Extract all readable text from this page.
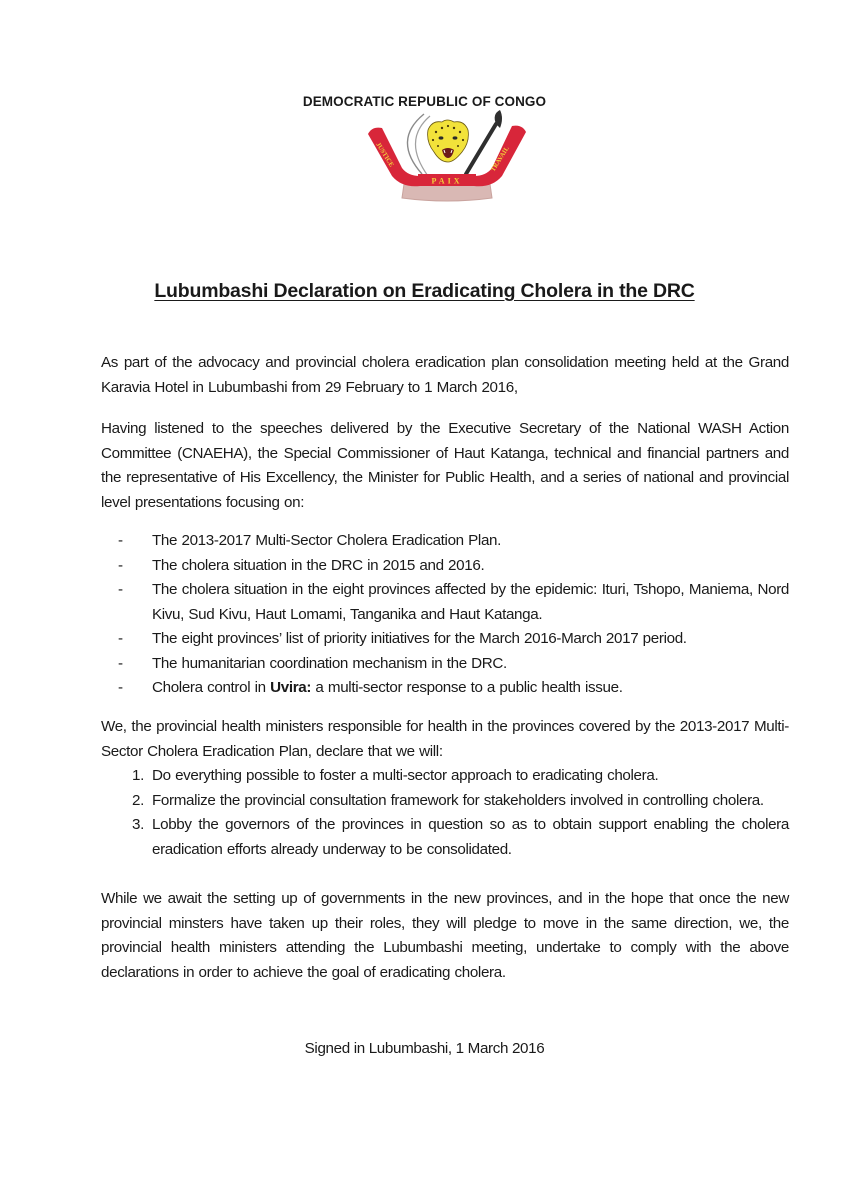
DEMOCRATIC REPUBLIC OF CONGO
PAIX
JUSTICE	TRAVAIL
Lubumbashi Declaration on Eradicating Cholera in the DRC

As part of the advocacy and provincial cholera eradication plan consolidation meeting held at the Grand Karavia Hotel in Lubumbashi from 29 February to 1 March 2016,

Having listened to the speeches delivered by the Executive Secretary of the National WASH Action Committee (CNAEHA), the Special Commissioner of Haut Katanga, technical and financial partners and the representative of His Excellency, the Minister for Public Health, and a series of national and provincial level presentations focusing on:

- The 2013-2017 Multi-Sector Cholera Eradication Plan.
- The cholera situation in the DRC in 2015 and 2016.
- The cholera situation in the eight provinces affected by the epidemic: Ituri, Tshopo, Maniema, Nord Kivu, Sud Kivu, Haut Lomami, Tanganika and Haut Katanga.
- The eight provinces’ list of priority initiatives for the March 2016-March 2017 period.
- The humanitarian coordination mechanism in the DRC.
- Cholera control in Uvira: a multi-sector response to a public health issue.

We, the provincial health ministers responsible for health in the provinces covered by the 2013-2017 Multi-Sector Cholera Eradication Plan, declare that we will:

1. Do everything possible to foster a multi-sector approach to eradicating cholera.
2. Formalize the provincial consultation framework for stakeholders involved in controlling cholera.
3. Lobby the governors of the provinces in question so as to obtain support enabling the cholera eradication efforts already underway to be consolidated.

While we await the setting up of governments in the new provinces, and in the hope that once the new provincial minsters have taken up their roles, they will pledge to move in the same direction, we, the provincial health ministers attending the Lubumbashi meeting, undertake to comply with the above declarations in order to achieve the goal of eradicating cholera.

Signed in Lubumbashi, 1 March 2016
